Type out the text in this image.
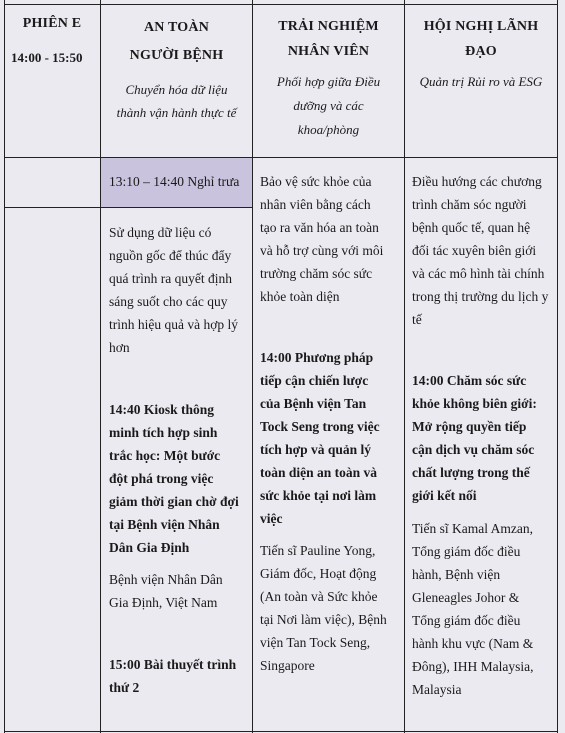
PHIÊN E
14:00 - 15:50
AN TOÀN
NGƯỜI BỆNH
Chuyển hóa dữ liệu
thành vận hành thực tế
TRẢI NGHIỆM
NHÂN VIÊN
Phối hợp giữa Điều
dưỡng và các
khoa/phòng
HỘI NGHỊ LÃNH
ĐẠO
Quản trị Rủi ro và ESG
13:10 – 14:40 Nghỉ trưa
Sử dụng dữ liệu có
nguồn gốc để thúc đẩy
quá trình ra quyết định
sáng suốt cho các quy
trình hiệu quả và hợp lý
hơn
14:40 Kiosk thông
minh tích hợp sinh
trắc học: Một bước
đột phá trong việc
giảm thời gian chờ đợi
tại Bệnh viện Nhân
Dân Gia Định
Bệnh viện Nhân Dân
Gia Định, Việt Nam
15:00 Bài thuyết trình
thứ 2
Bảo vệ sức khỏe của
nhân viên bằng cách
tạo ra văn hóa an toàn
và hỗ trợ cùng với môi
trường chăm sóc sức
khỏe toàn diện
14:00 Phương pháp
tiếp cận chiến lược
của Bệnh viện Tan
Tock Seng trong việc
tích hợp và quản lý
toàn diện an toàn và
sức khỏe tại nơi làm
việc
Tiến sĩ Pauline Yong,
Giám đốc, Hoạt động
(An toàn và Sức khỏe
tại Nơi làm việc), Bệnh
viện Tan Tock Seng,
Singapore
Điều hướng các chương
trình chăm sóc người
bệnh quốc tế, quan hệ
đối tác xuyên biên giới
và các mô hình tài chính
trong thị trường du lịch y
tế
14:00 Chăm sóc sức
khỏe không biên giới:
Mở rộng quyền tiếp
cận dịch vụ chăm sóc
chất lượng trong thế
giới kết nối
Tiến sĩ Kamal Amzan,
Tổng giám đốc điều
hành, Bệnh viện
Gleneagles Johor &
Tổng giám đốc điều
hành khu vực (Nam &
Đông), IHH Malaysia,
Malaysia
